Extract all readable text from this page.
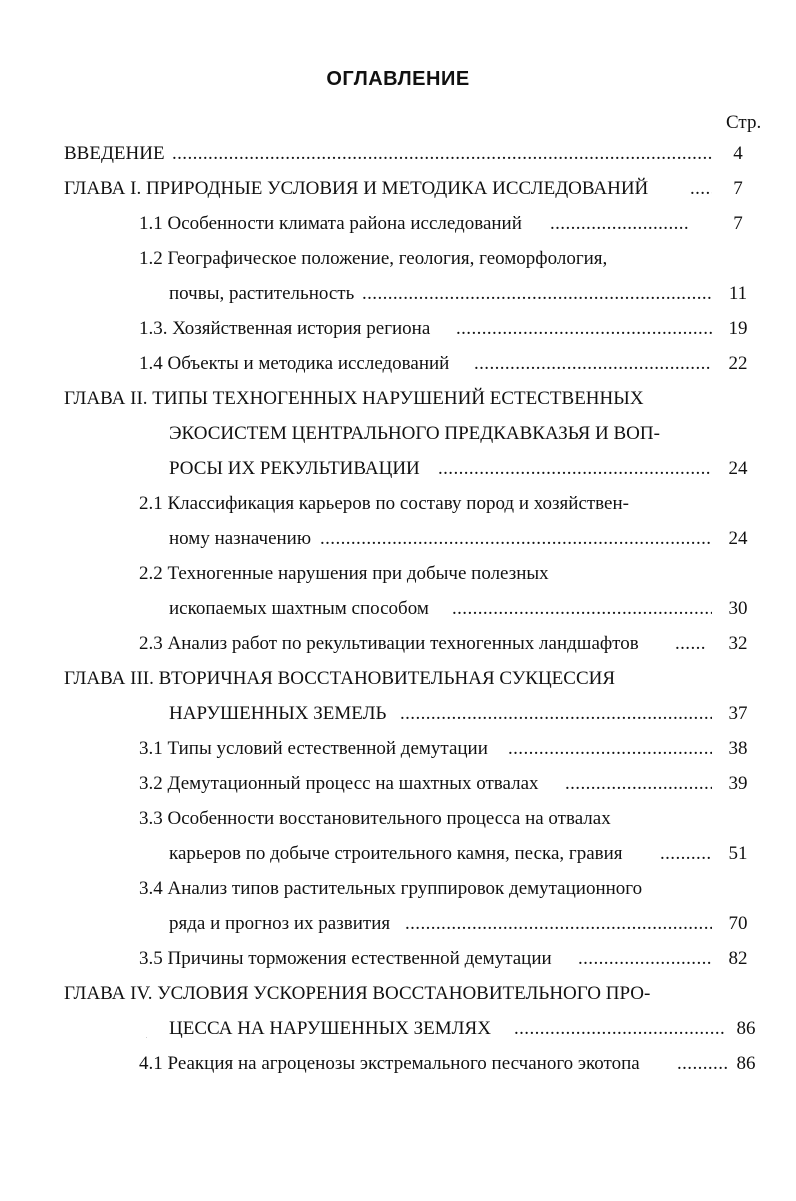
ОГЛАВЛЕНИЕ
Стр.
ВВЕДЕНИЕ .....	4
ГЛАВА I. ПРИРОДНЫЕ УСЛОВИЯ И МЕТОДИКА ИССЛЕДОВАНИЙ .....	7
1.1 Особенности климата района исследований .....	7
1.2 Географическое положение, геология, геоморфология,
почвы, растительность .....	11
1.3. Хозяйственная история региона .....	19
1.4 Объекты и методика исследований .....	22
ГЛАВА II. ТИПЫ ТЕХНОГЕННЫХ НАРУШЕНИЙ ЕСТЕСТВЕННЫХ
ЭКОСИСТЕМ ЦЕНТРАЛЬНОГО ПРЕДКАВКАЗЬЯ И ВОП-
РОСЫ ИХ РЕКУЛЬТИВАЦИИ .....	24
2.1 Классификация карьеров по составу пород и хозяйствен-
ному назначению .....	24
2.2 Техногенные нарушения при добыче полезных
ископаемых шахтным способом .....	30
2.3 Анализ работ по рекультивации техногенных ландшафтов .....	32
ГЛАВА III. ВТОРИЧНАЯ ВОССТАНОВИТЕЛЬНАЯ СУКЦЕССИЯ
НАРУШЕННЫХ ЗЕМЕЛЬ .....	37
3.1 Типы условий естественной демутации .....	38
3.2 Демутационный процесс на шахтных отвалах .....	39
3.3 Особенности восстановительного процесса на отвалах
карьеров по добыче строительного камня, песка, гравия .....	51
3.4 Анализ типов растительных группировок демутационного
ряда и прогноз их развития .....	70
3.5 Причины торможения естественной демутации .....	82
ГЛАВА IV. УСЛОВИЯ УСКОРЕНИЯ ВОССТАНОВИТЕЛЬНОГО ПРО-
ЦЕССА НА НАРУШЕННЫХ ЗЕМЛЯХ .....	86
4.1 Реакция на агроценозы экстремального песчаного экотопа .....	86
